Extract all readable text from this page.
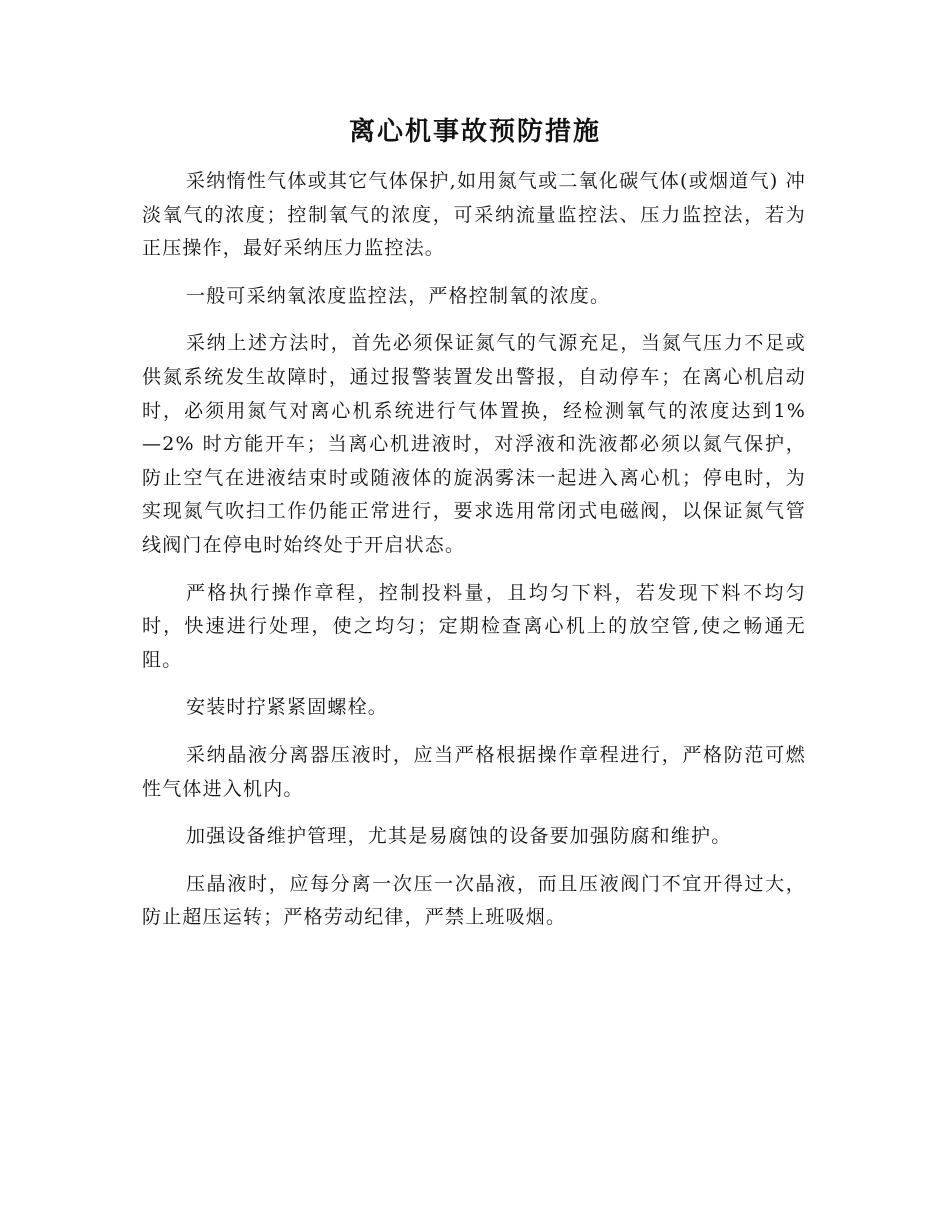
离心机事故预防措施

采纳惰性气体或其它气体保护,如用氮气或二氧化碳气体(或烟道气) 冲淡氧气的浓度；控制氧气的浓度，可采纳流量监控法、压力监控法，若为正压操作，最好采纳压力监控法。

一般可采纳氧浓度监控法，严格控制氧的浓度。

采纳上述方法时，首先必须保证氮气的气源充足，当氮气压力不足或供氮系统发生故障时，通过报警装置发出警报，自动停车；在离心机启动时，必须用氮气对离心机系统进行气体置换，经检测氧气的浓度达到1% —2% 时方能开车；当离心机进液时，对浮液和洗液都必须以氮气保护，防止空气在进液结束时或随液体的旋涡雾沫一起进入离心机；停电时，为实现氮气吹扫工作仍能正常进行，要求选用常闭式电磁阀，以保证氮气管线阀门在停电时始终处于开启状态。

严格执行操作章程，控制投料量，且均匀下料，若发现下料不均匀时，快速进行处理，使之均匀；定期检查离心机上的放空管,使之畅通无阻。

安装时拧紧紧固螺栓。

采纳晶液分离器压液时，应当严格根据操作章程进行，严格防范可燃性气体进入机内。

加强设备维护管理，尤其是易腐蚀的设备要加强防腐和维护。

压晶液时，应每分离一次压一次晶液，而且压液阀门不宜开得过大，防止超压运转；严格劳动纪律，严禁上班吸烟。
